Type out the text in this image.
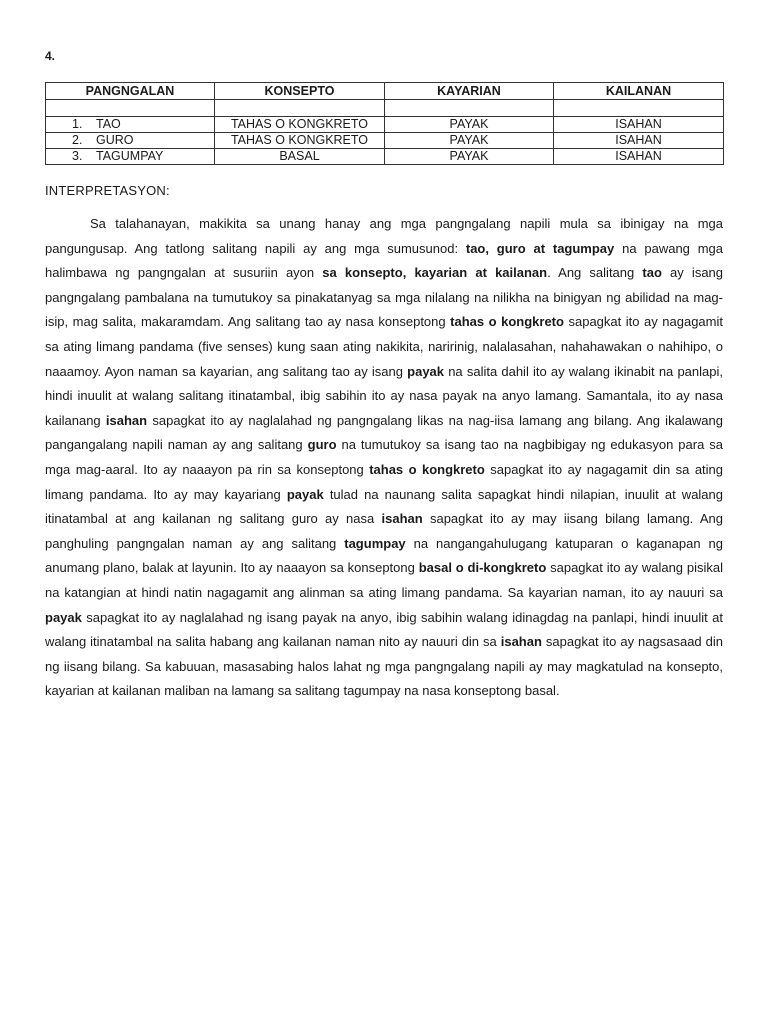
4.
PANGNGALAN	KONSEPTO	KAYARIAN	KAILANAN

1. TAO	TAHAS O KONGKRETO	PAYAK	ISAHAN
2. GURO	TAHAS O KONGKRETO	PAYAK	ISAHAN
3. TAGUMPAY	BASAL	PAYAK	ISAHAN
INTERPRETASYON:

Sa talahanayan, makikita sa unang hanay ang mga pangngalang napili mula sa ibinigay na mga pangungusap. Ang tatlong salitang napili ay ang mga sumusunod: tao, guro at tagumpay na pawang mga halimbawa ng pangngalan at susuriin ayon sa konsepto, kayarian at kailanan. Ang salitang tao ay isang pangngalang pambalana na tumutukoy sa pinakatanyag sa mga nilalang na nilikha na binigyan ng abilidad na mag-isip, mag salita, makaramdam. Ang salitang tao ay nasa konseptong tahas o kongkreto sapagkat ito ay nagagamit sa ating limang pandama (five senses) kung saan ating nakikita, naririnig, nalalasahan, nahahawakan o nahihipo, o naaamoy. Ayon naman sa kayarian, ang salitang tao ay isang payak na salita dahil ito ay walang ikinabit na panlapi, hindi inuulit at walang salitang itinatambal, ibig sabihin ito ay nasa payak na anyo lamang. Samantala, ito ay nasa kailanang isahan sapagkat ito ay naglalahad ng pangngalang likas na nag-iisa lamang ang bilang. Ang ikalawang pangangalang napili naman ay ang salitang guro na tumutukoy sa isang tao na nagbibigay ng edukasyon para sa mga mag-aaral. Ito ay naaayon pa rin sa konseptong tahas o kongkreto sapagkat ito ay nagagamit din sa ating limang pandama. Ito ay may kayariang payak tulad na naunang salita sapagkat hindi nilapian, inuulit at walang itinatambal at ang kailanan ng salitang guro ay nasa isahan sapagkat ito ay may iisang bilang lamang. Ang panghuling pangngalan naman ay ang salitang tagumpay na nangangahulugang katuparan o kaganapan ng anumang plano, balak at layunin. Ito ay naaayon sa konseptong basal o di-kongkreto sapagkat ito ay walang pisikal na katangian at hindi natin nagagamit ang alinman sa ating limang pandama. Sa kayarian naman, ito ay nauuri sa payak sapagkat ito ay naglalahad ng isang payak na anyo, ibig sabihin walang idinagdag na panlapi, hindi inuulit at walang itinatambal na salita habang ang kailanan naman nito ay nauuri din sa isahan sapagkat ito ay nagsasaad din ng iisang bilang. Sa kabuuan, masasabing halos lahat ng mga pangngalang napili ay may magkatulad na konsepto, kayarian at kailanan maliban na lamang sa salitang tagumpay na nasa konseptong basal.
